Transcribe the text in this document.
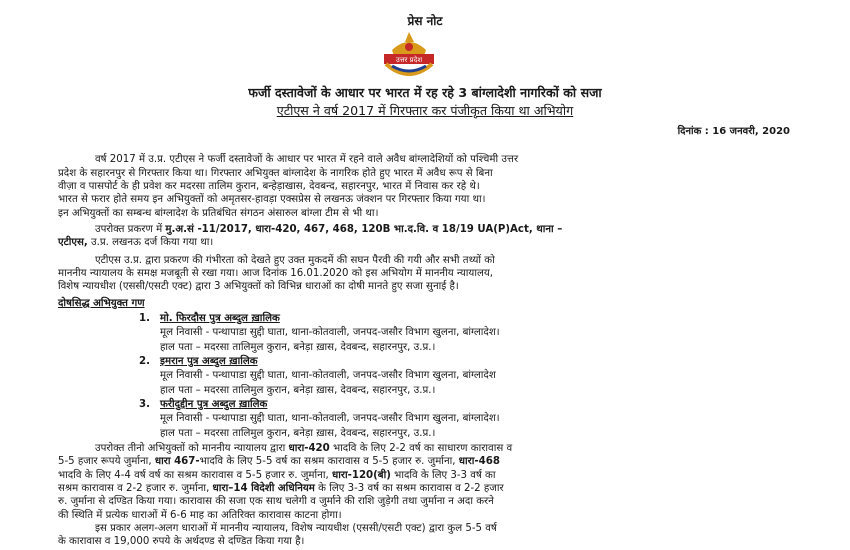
प्रेस नोट
उत्तर प्रदेश
फर्जी दस्तावेजों के आधार पर भारत में रह रहे 3 बांग्लादेशी नागरिकों को सजा
एटीएस ने वर्ष 2017 में गिरफ्तार कर पंजीकृत किया था अभियोग
दिनांक : 16 जनवरी, 2020
वर्ष 2017 में उ.प्र. एटीएस ने फर्जी दस्तावेजों के आधार पर भारत में रहने वाले अवैध बांग्लादेशियों को पश्चिमी उत्तर
प्रदेश के सहारनपुर से गिरफ्तार किया था। गिरफ्तार अभियुक्त बांग्लादेश के नागरिक होते हुए भारत में अवैध रूप से बिना
वीज़ा व पासपोर्ट के ही प्रवेश कर मदरसा तालिम कुरान, बन्हेड़ाखास, देवबन्द, सहारनपुर, भारत में निवास कर रहे थे।
भारत से फरार होते समय इन अभियुक्तों को अमृतसर-हावड़ा एक्सप्रेस से लखनऊ जंक्शन पर गिरफ्तार किया गया था।
इन अभियुक्तों का सम्बन्ध बांग्लादेश के प्रतिबंधित संगठन अंसारुल बांग्ला टीम से भी था।
उपरोक्त प्रकरण में मु.अ.सं -11/2017, धारा-420, 467, 468, 120B भा.द.वि. व 18/19 UA(P)Act, थाना –
एटीएस, उ.प्र. लखनऊ दर्ज किया गया था।
एटीएस उ.प्र. द्वारा प्रकरण की गंभीरता को देखते हुए उक्त मुकदमें की सघन पैरवी की गयी और सभी तथ्यों को
माननीय न्यायालय के समक्ष मजबूती से रखा गया। आज दिनांक 16.01.2020 को इस अभियोग में माननीय न्यायालय,
विशेष न्यायधीश (एससी/एसटी एक्ट) द्वारा 3 अभियुक्तों को विभिन्न धाराओं का दोषी मानते हुए सजा सुनाई है।
दोषसिद्ध अभियुक्त गण
1. मो. फिरदौस पुत्र अब्दुल ख़ालिक
मूल निवासी - पन्थापाडा सुद्दी घाता, थाना-कोतवाली, जनपद-जसौर विभाग खुलना, बांग्लादेश।
हाल पता – मदरसा तालिमुल कुरान, बनेड़ा ख़ास, देवबन्द, सहारनपुर, उ.प्र.।
2. इमरान पुत्र अब्दुल ख़ालिक
मूल निवासी - पन्थापाडा सुद्दी घाता, थाना-कोतवाली, जनपद-जसौर विभाग खुलना, बांग्लादेश
हाल पता – मदरसा तालिमुल कुरान, बनेड़ा ख़ास, देवबन्द, सहारनपुर, उ.प्र.।
3. फरीदुद्दीन पुत्र अब्दुल ख़ालिक
मूल निवासी - पन्थापाडा सुद्दी घाता, थाना-कोतवाली, जनपद-जसौर विभाग खुलना, बांग्लादेश।
हाल पता – मदरसा तालिमुल कुरान, बनेड़ा ख़ास, देवबन्द, सहारनपुर, उ.प्र.।
उपरोक्त तीनो अभियुक्तों को माननीय न्यायालय द्वारा धारा-420 भादवि के लिए 2-2 वर्ष का साधारण कारावास व
5-5 हजार रूपये जुर्माना, धारा 467-भादवि के लिए 5-5 वर्ष का सश्रम कारावास व 5-5 हजार रु. जुर्माना, धारा-468
भादवि के लिए 4-4 वर्ष वर्ष का सश्रम कारावास व 5-5 हजार रु. जुर्माना, धारा-120(बी) भादवि के लिए 3-3 वर्ष का
सश्रम कारावास व 2-2 हजार रु. जुर्माना, धारा–14 विदेशी अधिनियम के लिए 3-3 वर्ष का सश्रम कारावास व 2-2 हजार
रु. जुर्माना से दण्डित किया गया। कारावास की सजा एक साथ चलेगी व जुर्माने की राशि जुड़ेगी तथा जुर्माना न अदा करने
की स्थिति में प्रत्येक धाराओं में 6-6 माह का अतिरिक्त कारावास काटना होगा।
इस प्रकार अलग-अलग धाराओं में माननीय न्यायालय, विशेष न्यायधीश (एससी/एसटी एक्ट) द्वारा कुल 5-5 वर्ष
के कारावास व 19,000 रुपये के अर्थदण्ड से दण्डित किया गया है।
